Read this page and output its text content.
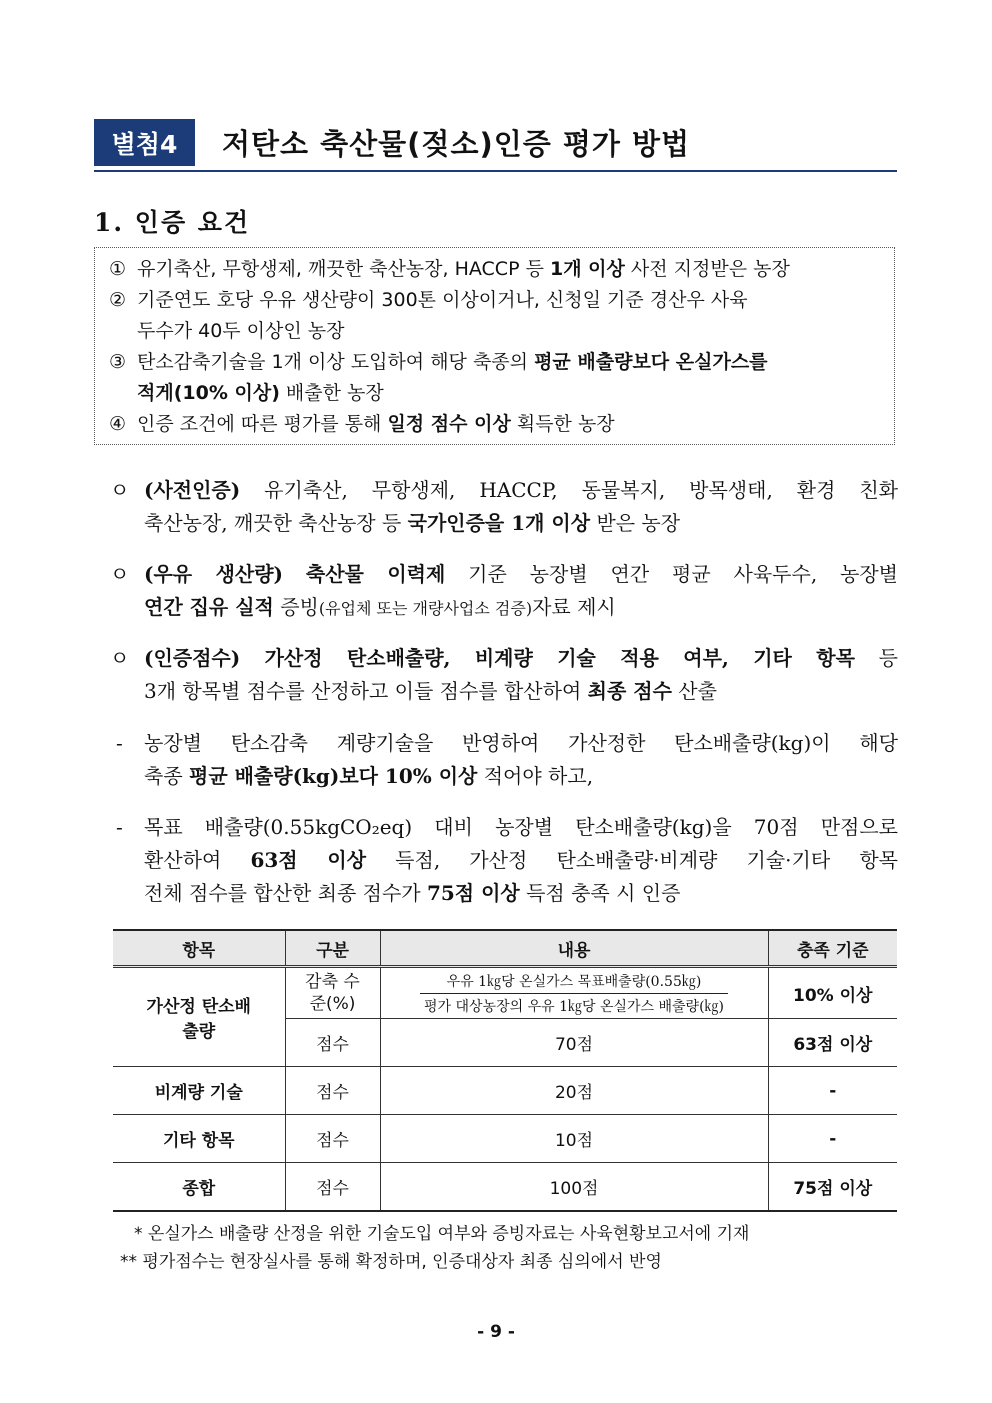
별첨4	저탄소 축산물(젖소)인증 평가 방법
1. 인증 요건
① 유기축산, 무항생제, 깨끗한 축산농장, HACCP 등 1개 이상 사전 지정받은 농장
② 기준연도 호당 우유 생산량이 300톤 이상이거나, 신청일 기준 경산우 사육
두수가 40두 이상인 농장
③ 탄소감축기술을 1개 이상 도입하여 해당 축종의 평균 배출량보다 온실가스를
적게(10% 이상) 배출한 농장
④ 인증 조건에 따른 평가를 통해 일정 점수 이상 획득한 농장
ㅇ (사전인증) 유기축산, 무항생제, HACCP, 동물복지, 방목생태, 환경 친화
축산농장, 깨끗한 축산농장 등 국가인증을 1개 이상 받은 농장
ㅇ (우유 생산량) 축산물 이력제 기준 농장별 연간 평균 사육두수, 농장별
연간 집유 실적 증빙(유업체 또는 개량사업소 검증)자료 제시
ㅇ (인증점수) 가산정 탄소배출량, 비계량 기술 적용 여부, 기타 항목 등
3개 항목별 점수를 산정하고 이들 점수를 합산하여 최종 점수 산출
-	농장별 탄소감축 계량기술을 반영하여 가산정한 탄소배출량(kg)이 해당
축종 평균 배출량(kg)보다 10% 이상 적어야 하고,
-	목표 배출량(0.55kgCO₂eq) 대비 농장별 탄소배출량(kg)을 70점 만점으로
환산하여 63점 이상 득점, 가산정 탄소배출량·비계량 기술·기타 항목
전체 점수를 합산한 최종 점수가 75점 이상 득점 충족 시 인증
항목	구분	내용	충족 기준
가산정 탄소배출량	감축 수준(%)	$\frac{\text{우유 1㎏당 온실가스 목표배출량(0.55㎏)}}{\text{평가 대상농장의 우유 1㎏당 온실가스 배출량(㎏)}}$	10% 이상
	점수	70점	63점 이상
비계량 기술	점수	20점	-
기타 항목	점수	10점	-
종합	점수	100점	75점 이상
* 온실가스 배출량 산정을 위한 기술도입 여부와 증빙자료는 사육현황보고서에 기재
** 평가점수는 현장실사를 통해 확정하며, 인증대상자 최종 심의에서 반영
- 9 -
